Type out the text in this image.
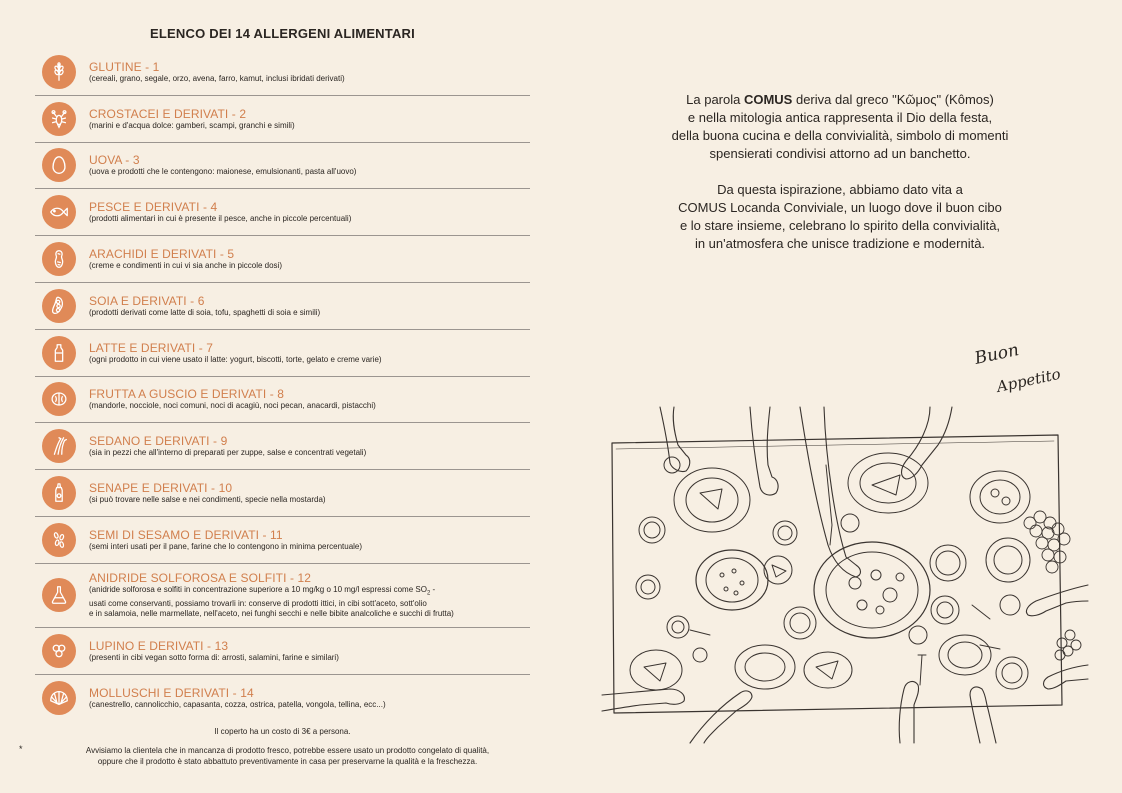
ELENCO DEI 14 ALLERGENI ALIMENTARI
GLUTINE - 1
(cereali, grano, segale, orzo, avena, farro, kamut, inclusi ibridati derivati)
CROSTACEI E DERIVATI - 2
(marini e d'acqua dolce: gamberi, scampi, granchi e simili)
UOVA - 3
(uova e prodotti che le contengono: maionese, emulsionanti, pasta all'uovo)
PESCE E DERIVATI - 4
(prodotti alimentari in cui è presente il pesce, anche in piccole percentuali)
ARACHIDI E DERIVATI - 5
(creme e condimenti in cui vi sia anche in piccole dosi)
SOIA E DERIVATI - 6
(prodotti derivati come latte di soia, tofu, spaghetti di soia e simili)
LATTE E DERIVATI - 7
(ogni prodotto in cui viene usato il latte: yogurt, biscotti, torte, gelato e creme varie)
FRUTTA A GUSCIO E DERIVATI - 8
(mandorle, nocciole, noci comuni, noci di acagiù, noci pecan, anacardi, pistacchi)
SEDANO E DERIVATI - 9
(sia in pezzi che all'interno di preparati per zuppe, salse e concentrati vegetali)
SENAPE E DERIVATI - 10
(si può trovare nelle salse e nei condimenti, specie nella mostarda)
SEMI DI SESAMO E DERIVATI - 11
(semi interi usati per il pane, farine che lo contengono in minima percentuale)
ANIDRIDE SOLFOROSA E SOLFITI - 12
(anidride solforosa e solfiti in concentrazione superiore a 10 mg/kg o 10 mg/l espressi come $SO_2$ -
usati come conservanti, possiamo trovarli in: conserve di prodotti ittici, in cibi sott'aceto, sott'olio
e in salamoia, nelle marmellate, nell'aceto, nei funghi secchi e nelle bibite analcoliche e succhi di frutta)
LUPINO E DERIVATI - 13
(presenti in cibi vegan sotto forma di: arrosti, salamini, farine e similari)
MOLLUSCHI E DERIVATI - 14
(canestrello, cannolicchio, capasanta, cozza, ostrica, patella, vongola, tellina, ecc...)
Il coperto ha un costo di 3€ a persona.
*	Avvisiamo la clientela che in mancanza di prodotto fresco, potrebbe essere usato un prodotto congelato di qualità,
oppure che il prodotto è stato abbattuto preventivamente in casa per preservarne la qualità e la freschezza.

La parola COMUS deriva dal greco "Κῶμος" (Kômos)
e nella mitologia antica rappresenta il Dio della festa,
della buona cucina e della convivialità, simbolo di momenti
spensierati condivisi attorno ad un banchetto.

Da questa ispirazione, abbiamo dato vita a
COMUS Locanda Conviviale, un luogo dove il buon cibo
e lo stare insieme, celebrano lo spirito della convivialità,
in un'atmosfera che unisce tradizione e modernità.

Buon
Appetito
